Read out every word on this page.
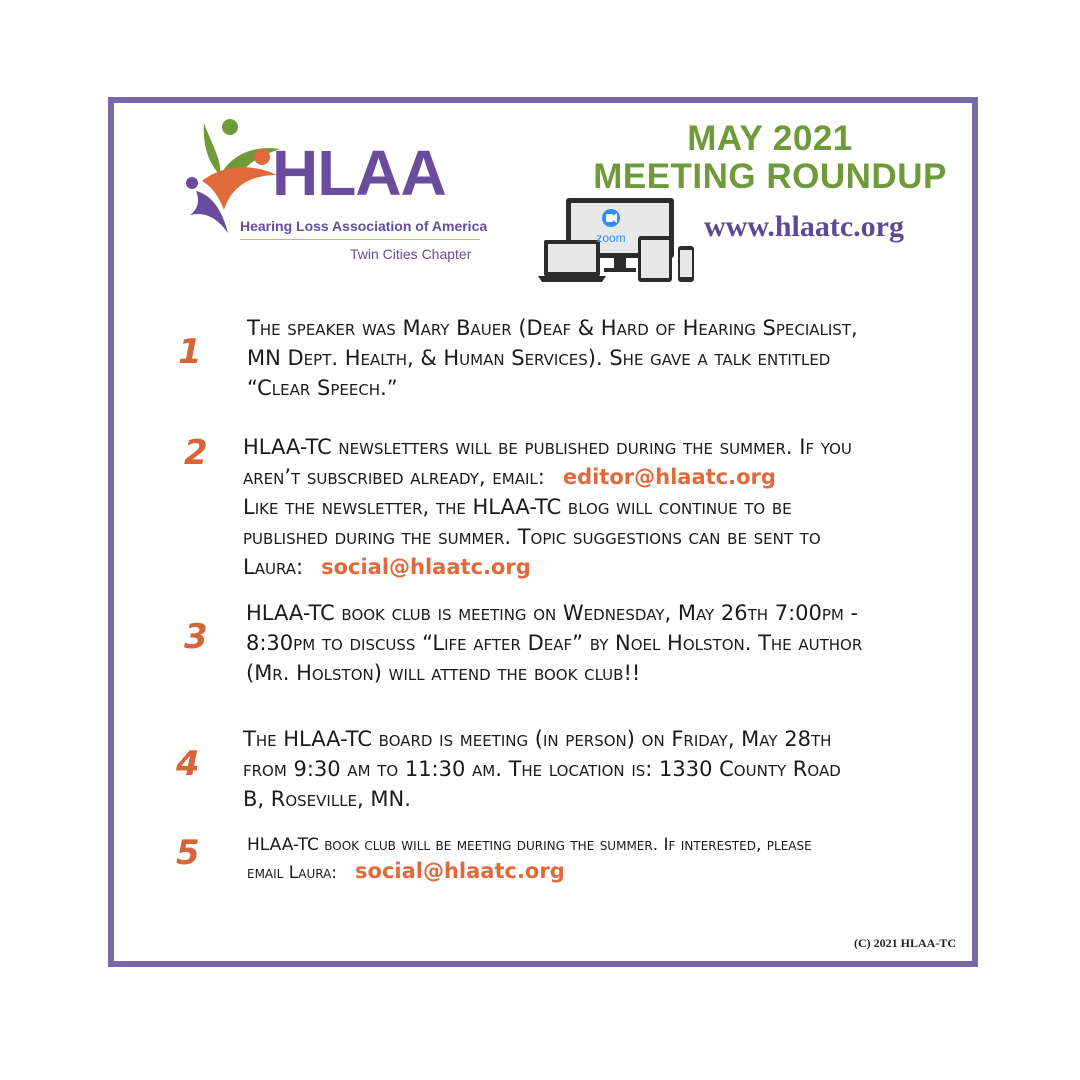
HLAA
Hearing Loss Association of America
Twin Cities Chapter
MAY 2021
MEETING ROUNDUP
zoom	www.hlaatc.org
1
The speaker was Mary Bauer (Deaf & Hard of Hearing Specialist,
MN Dept. Health, & Human Services). She gave a talk entitled
“Clear Speech.”
2 HLAA-TC newsletters will be published during the summer. If you
aren’t subscribed already, email: editor@hlaatc.org
Like the newsletter, the HLAA-TC blog will continue to be
published during the summer. Topic suggestions can be sent to
Laura: social@hlaatc.org
3
HLAA-TC book club is meeting on Wednesday, May 26th 7:00pm -
8:30pm to discuss “Life after Deaf” by Noel Holston. The author
(Mr. Holston) will attend the book club!!
4
The HLAA-TC board is meeting (in person) on Friday, May 28th
from 9:30 am to 11:30 am. The location is: 1330 County Road
B, Roseville, MN.
5	HLAA-TC book club will be meeting during the summer. If interested, please
email Laura: social@hlaatc.org
(C) 2021 HLAA-TC
